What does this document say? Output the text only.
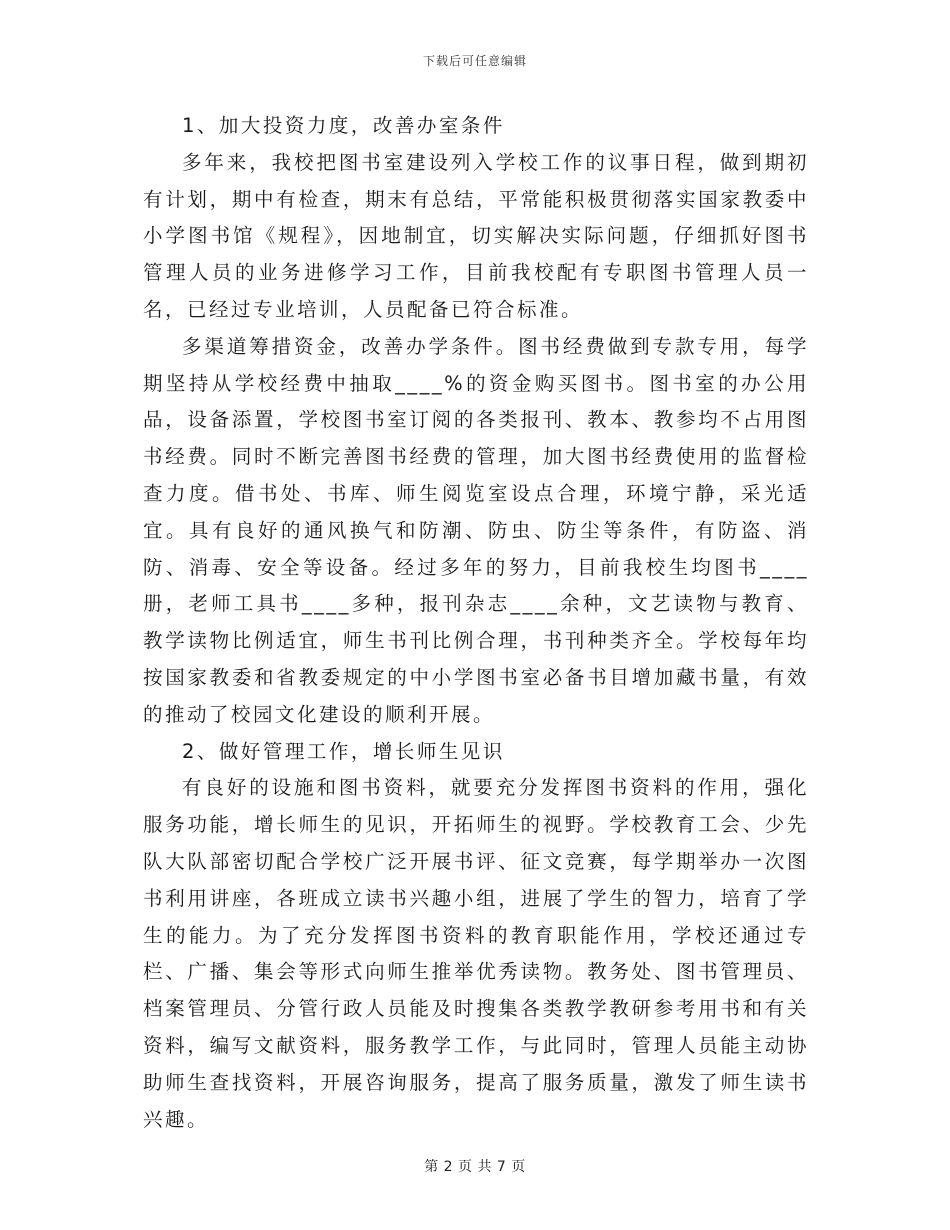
下载后可任意编辑

1、加大投资力度，改善办室条件

多年来，我校把图书室建设列入学校工作的议事日程，做到期初有计划，期中有检查，期末有总结，平常能积极贯彻落实国家教委中小学图书馆《规程》，因地制宜，切实解决实际问题，仔细抓好图书管理人员的业务进修学习工作，目前我校配有专职图书管理人员一名，已经过专业培训，人员配备已符合标准。

多渠道筹措资金，改善办学条件。图书经费做到专款专用，每学期坚持从学校经费中抽取____%的资金购买图书。图书室的办公用品，设备添置，学校图书室订阅的各类报刊、教本、教参均不占用图书经费。同时不断完善图书经费的管理，加大图书经费使用的监督检查力度。借书处、书库、师生阅览室设点合理，环境宁静，采光适宜。具有良好的通风换气和防潮、防虫、防尘等条件，有防盗、消防、消毒、安全等设备。经过多年的努力，目前我校生均图书____册，老师工具书____多种，报刊杂志____余种，文艺读物与教育、教学读物比例适宜，师生书刊比例合理，书刊种类齐全。学校每年均按国家教委和省教委规定的中小学图书室必备书目增加藏书量，有效的推动了校园文化建设的顺利开展。

2、做好管理工作，增长师生见识

有良好的设施和图书资料，就要充分发挥图书资料的作用，强化服务功能，增长师生的见识，开拓师生的视野。学校教育工会、少先队大队部密切配合学校广泛开展书评、征文竞赛，每学期举办一次图书利用讲座，各班成立读书兴趣小组，进展了学生的智力，培育了学生的能力。为了充分发挥图书资料的教育职能作用，学校还通过专栏、广播、集会等形式向师生推举优秀读物。教务处、图书管理员、档案管理员、分管行政人员能及时搜集各类教学教研参考用书和有关资料，编写文献资料，服务教学工作，与此同时，管理人员能主动协助师生查找资料，开展咨询服务，提高了服务质量，激发了师生读书兴趣。

第 2 页 共 7 页
